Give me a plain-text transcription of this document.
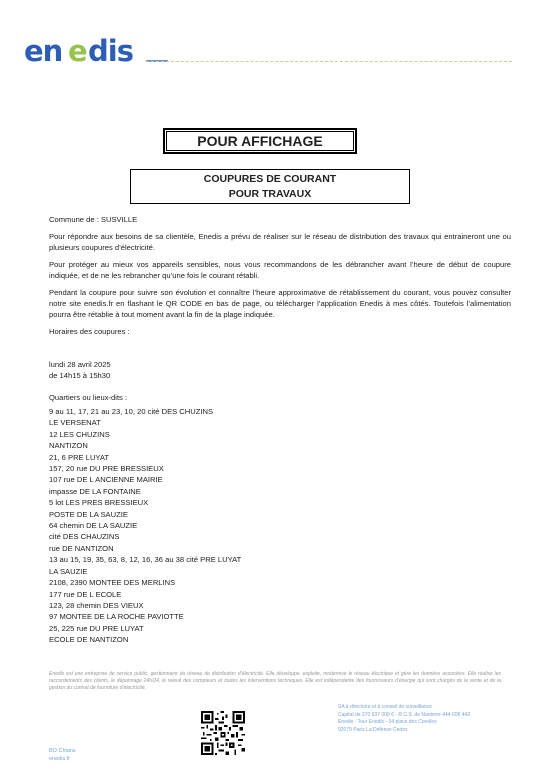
en e dis
POUR AFFICHAGE
COUPURES DE COURANT
POUR TRAVAUX

Commune de : SUSVILLE

Pour répondre aux besoins de sa clientèle, Enedis a prévu de réaliser sur le réseau de distribution des travaux qui entraineront une ou plusieurs coupures d’électricité.

Pour protéger au mieux vos appareils sensibles, nous vous recommandons de les débrancher avant l’heure de début de coupure indiquée, et de ne les rebrancher qu’une fois le courant rétabli.

Pendant la coupure pour suivre son évolution et connaître l’heure approximative de rétablissement du courant, vous pouvez consulter notre site enedis.fr en flashant le QR CODE en bas de page, ou télécharger l’application Enedis à mes côtés. Toutefois l’alimentation pourra être rétablie à tout moment avant la fin de la plage indiquée.

Horaires des coupures :

lundi 28 avril 2025

de 14h15 à 15h30

Quartiers ou lieux-dits :

9 au 11, 17, 21 au 23, 10, 20 cité DES CHUZINS
LE VERSENAT
12 LES CHUZINS
NANTIZON
21, 6 PRE LUYAT
157, 20 rue DU PRE BRESSIEUX
107 rue DE L ANCIENNE MAIRIE
impasse DE LA FONTAINE
5 lot LES PRES BRESSIEUX
POSTE DE LA SAUZIE
64 chemin DE LA SAUZIE
cité DES CHAUZINS
rue DE NANTIZON
13 au 15, 19, 35, 63, 8, 12, 16, 36 au 38 cité PRE LUYAT
LA SAUZIE
2108, 2390 MONTEE DES MERLINS
177 rue DE L ECOLE
123, 28 chemin DES VIEUX
97 MONTEE DE LA ROCHE PAVIOTTE
25, 225 rue DU PRE LUYAT
ECOLE DE NANTIZON
Enedis est une entreprise de service public, gestionnaire du réseau de distribution d’électricité. Elle développe, exploite, modernise le réseau électrique et gère les données associées. Elle réalise les raccordements des clients, le dépannage 24h/24, le relevé des compteurs et toutes les interventions techniques. Elle est indépendante des fournisseurs d’énergie qui sont chargés de la vente et de la gestion du contrat de fourniture d’électricité.
BO Chians
enedis.fr
SA à directoire et à conseil de surveillance
Capital de 270 037 000 € - R.C.S. de Nanterre 444 608 442
Enedis - Tour Enedis - 34 place des Corolles
92079 Paris La Défense Cedex
